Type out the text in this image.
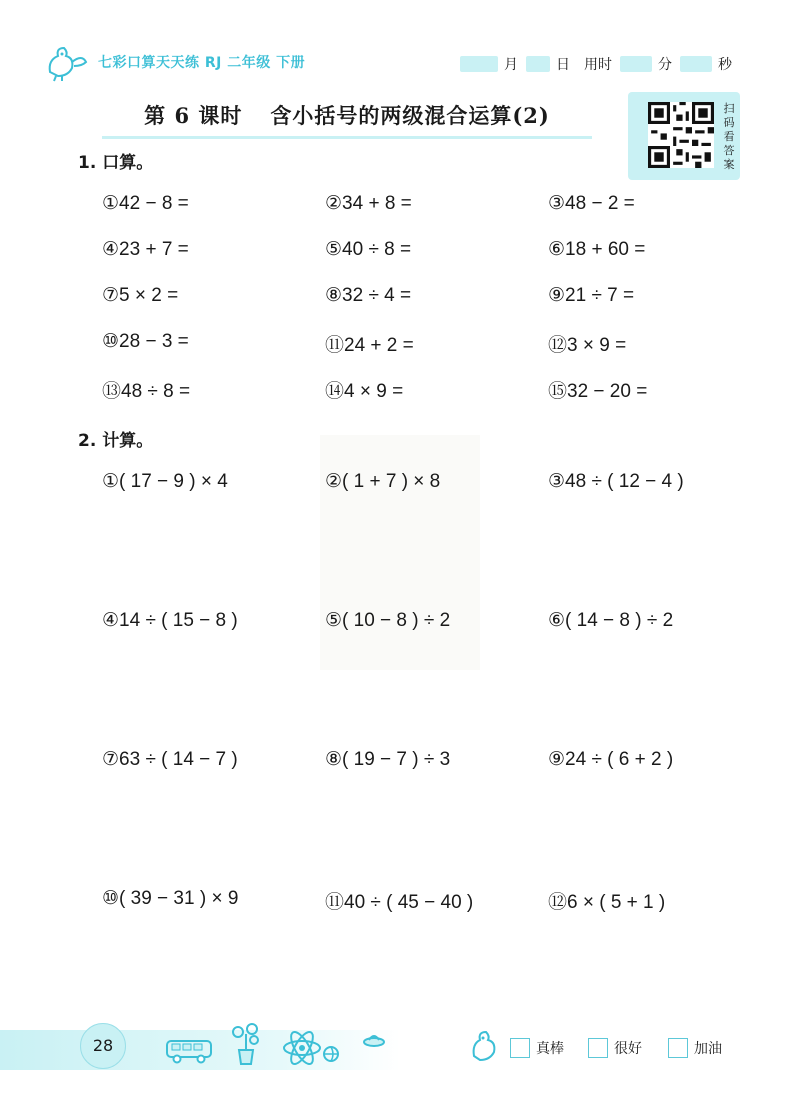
七彩口算天天练 RJ 二年级 下册	月	日 用时	分	秒
第 6 课时 含小括号的两级混合运算(2)	扫
码
看
答
案
1. 口算。
①42 − 8 =	②34 + 8 =	③48 − 2 =
④23 + 7 =	⑤40 ÷ 8 =	⑥18 + 60 =
⑦5 × 2 =	⑧32 ÷ 4 =	⑨21 ÷ 7 =
⑩28 − 3 =	⑪24 + 2 =	⑫3 × 9 =
⑬48 ÷ 8 =	⑭4 × 9 =	⑮32 − 20 =
2. 计算。
①( 17 − 9 ) × 4	②( 1 + 7 ) × 8	③48 ÷ ( 12 − 4 )
④14 ÷ ( 15 − 8 )	⑤( 10 − 8 ) ÷ 2	⑥( 14 − 8 ) ÷ 2
⑦63 ÷ ( 14 − 7 )	⑧( 19 − 7 ) ÷ 3	⑨24 ÷ ( 6 + 2 )
⑩( 39 − 31 ) × 9	⑪40 ÷ ( 45 − 40 )	⑫6 × ( 5 + 1 )
28	真棒	很好	加油
